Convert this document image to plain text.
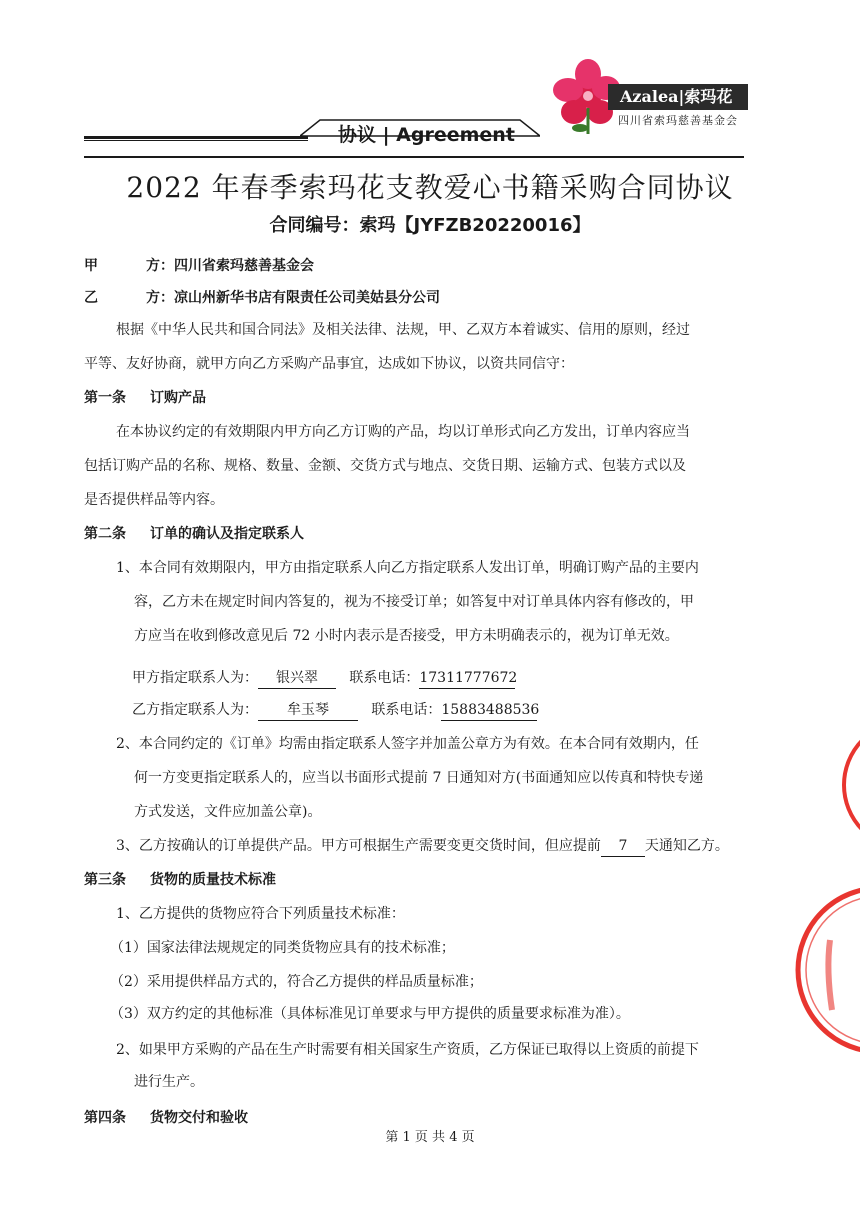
Azalea|索玛花
四川省索玛慈善基金会
协议 | Agreement
2022 年春季索玛花支教爱心书籍采购合同协议
合同编号：索玛【JYFZB20220016】
甲	方：四川省索玛慈善基金会
乙	方：凉山州新华书店有限责任公司美姑县分公司
根据《中华人民共和国合同法》及相关法律、法规，甲、乙双方本着诚实、信用的原则，经过
平等、友好协商，就甲方向乙方采购产品事宜，达成如下协议，以资共同信守：
第一条 订购产品
在本协议约定的有效期限内甲方向乙方订购的产品，均以订单形式向乙方发出，订单内容应当
包括订购产品的名称、规格、数量、金额、交货方式与地点、交货日期、运输方式、包装方式以及
是否提供样品等内容。
第二条 订单的确认及指定联系人
1、本合同有效期限内，甲方由指定联系人向乙方指定联系人发出订单，明确订购产品的主要内
容，乙方未在规定时间内答复的，视为不接受订单；如答复中对订单具体内容有修改的，甲
方应当在收到修改意见后 72 小时内表示是否接受，甲方未明确表示的，视为订单无效。
甲方指定联系人为： 银兴翠 联系电话：17311777672
乙方指定联系人为： 牟玉琴	联系电话：15883488536
2、本合同约定的《订单》均需由指定联系人签字并加盖公章方为有效。在本合同有效期内，任
何一方变更指定联系人的，应当以书面形式提前 7 日通知对方(书面通知应以传真和特快专递
方式发送，文件应加盖公章)。
3、乙方按确认的订单提供产品。甲方可根据生产需要变更交货时间，但应提前 7 天通知乙方。
第三条 货物的质量技术标准
1、乙方提供的货物应符合下列质量技术标准：
（1）国家法律法规规定的同类货物应具有的技术标准；
（2）采用提供样品方式的，符合乙方提供的样品质量标准；
（3）双方约定的其他标准（具体标准见订单要求与甲方提供的质量要求标准为准）。
2、如果甲方采购的产品在生产时需要有相关国家生产资质，乙方保证已取得以上资质的前提下
进行生产。
第四条 货物交付和验收
第 1 页 共 4 页
